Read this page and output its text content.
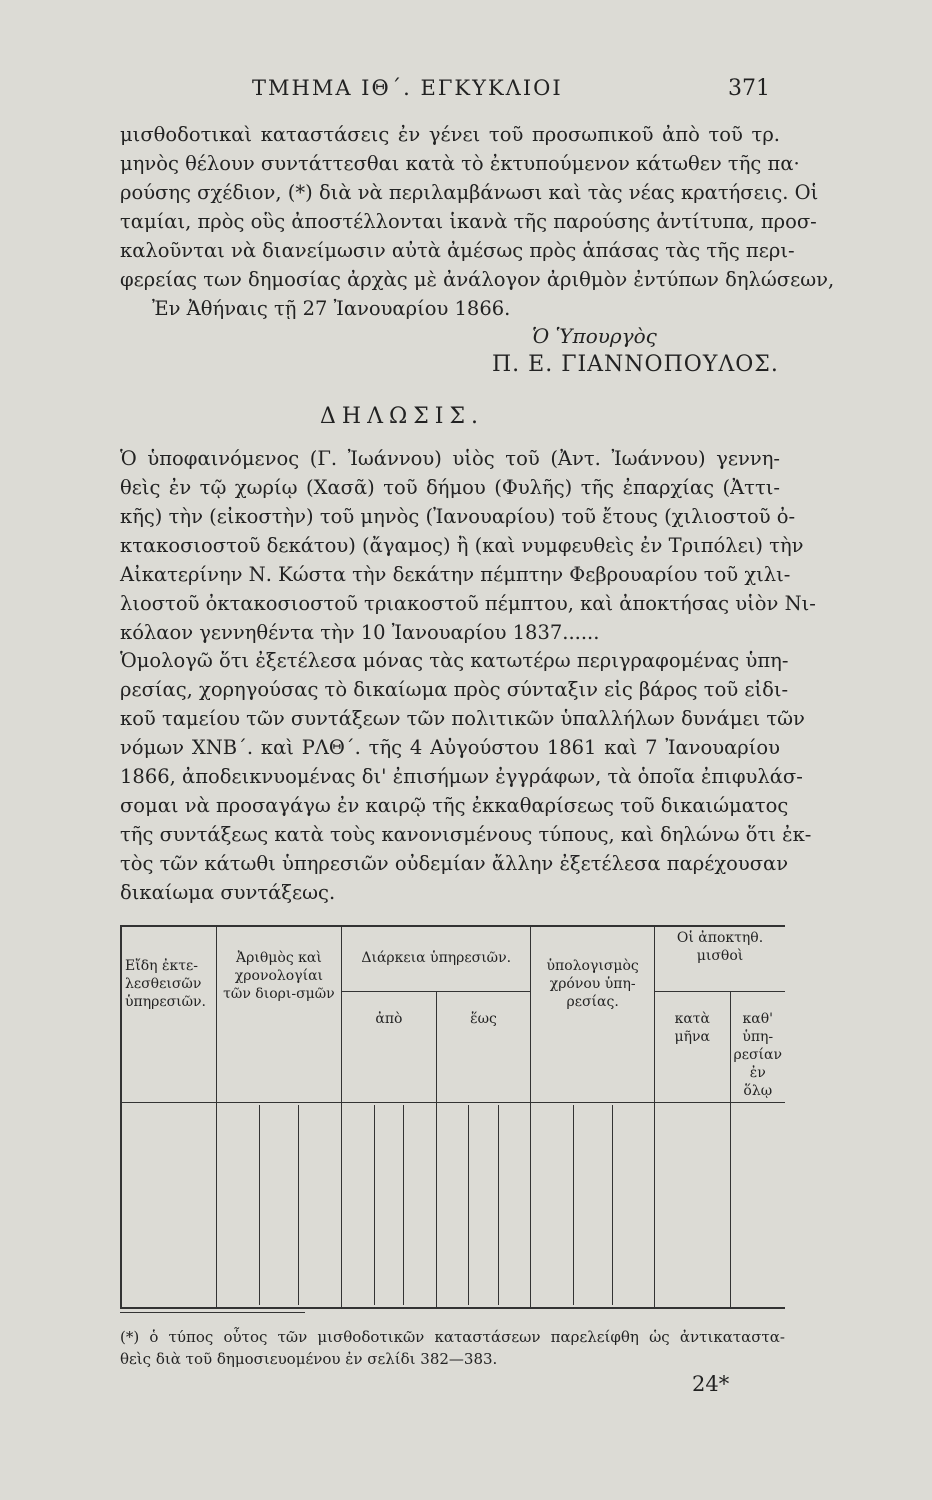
ΤΜΗΜΑ ΙΘ΄. ΕΓΚΥΚΛΙΟΙ	371
μισθοδοτικαὶ καταστάσεις ἐν γένει τοῦ προσωπικοῦ ἀπὸ τοῦ τρ.
μηνὸς θέλουν συντάττεσθαι κατὰ τὸ ἐκτυπούμενον κάτωθεν τῆς πα·
ρούσης σχέδιον, (*) διὰ νὰ περιλαμβάνωσι καὶ τὰς νέας κρατήσεις. Οἱ
ταμίαι, πρὸς οὓς ἀποστέλλονται ἱκανὰ τῆς παρούσης ἀντίτυπα, προσ-
καλοῦνται νὰ διανείμωσιν αὐτὰ ἀμέσως πρὸς ἁπάσας τὰς τῆς περι-
φερείας των δημοσίας ἀρχὰς μὲ ἀνάλογον ἀριθμὸν ἐντύπων δηλώσεων,
Ἐν Ἀθήναις τῇ 27 Ἰανουαρίου 1866.
Ὁ Ὑπουργὸς
Π. Ε. ΓΙΑΝΝΟΠΟΥΛΟΣ.
ΔΗΛΩΣΙΣ.
Ὁ ὑποφαινόμενος (Γ. Ἰωάννου) υἱὸς τοῦ (Ἀντ. Ἰωάννου) γεννη-
θεὶς ἐν τῷ χωρίῳ (Χασᾶ) τοῦ δήμου (Φυλῆς) τῆς ἐπαρχίας (Ἀττι-
κῆς) τὴν (εἰκοστὴν) τοῦ μηνὸς (Ἰανουαρίου) τοῦ ἔτους (χιλιοστοῦ ὀ-
κτακοσιοστοῦ δεκάτου) (ἄγαμος) ἢ (καὶ νυμφευθεὶς ἐν Τριπόλει) τὴν
Αἰκατερίνην Ν. Κώστα τὴν δεκάτην πέμπτην Φεβρουαρίου τοῦ χιλι-
λιοστοῦ ὀκτακοσιοστοῦ τριακοστοῦ πέμπτου, καὶ ἀποκτήσας υἱὸν Νι-
κόλαον γεννηθέντα τὴν 10 Ἰανουαρίου 1837......
Ὁμολογῶ ὅτι ἐξετέλεσα μόνας τὰς κατωτέρω περιγραφομένας ὑπη-
ρεσίας, χορηγούσας τὸ δικαίωμα πρὸς σύνταξιν εἰς βάρος τοῦ εἰδι-
κοῦ ταμείου τῶν συντάξεων τῶν πολιτικῶν ὑπαλλήλων δυνάμει τῶν
νόμων ΧΝΒ΄. καὶ ΡΛΘ΄. τῆς 4 Αὐγούστου 1861 καὶ 7 Ἰανουαρίου
1866, ἀποδεικνυομένας δι' ἐπισήμων ἐγγράφων, τὰ ὁποῖα ἐπιφυλάσ-
σομαι νὰ προσαγάγω ἐν καιρῷ τῆς ἐκκαθαρίσεως τοῦ δικαιώματος
τῆς συντάξεως κατὰ τοὺς κανονισμένους τύπους, καὶ δηλώνω ὅτι ἐκ-
τὸς τῶν κάτωθι ὑπηρεσιῶν οὐδεμίαν ἄλλην ἐξετέλεσα παρέχουσαν
δικαίωμα συντάξεως.
Εἴδη ἐκτε-λεσθεισῶν ὑπηρεσιῶν.	Ἀριθμὸς καὶ χρονολογίαι τῶν διορι-σμῶν	Διάρκεια ὑπηρεσιῶν.		ὑπολογισμὸς χρόνου ὑπη-ρεσίας.	Οἱ ἀποκτηθ. μισθοὶ	
		ἀπὸ	ἕως		κατὰ μῆνα	καθ' ὑπη-ρεσίαν ἐν ὅλῳ

(*) ὁ τύπος οὗτος τῶν μισθοδοτικῶν καταστάσεων παρελείφθη ὡς ἀντικαταστα-
θεὶς διὰ τοῦ δημοσιευομένου ἐν σελίδι 382—383.
24*
